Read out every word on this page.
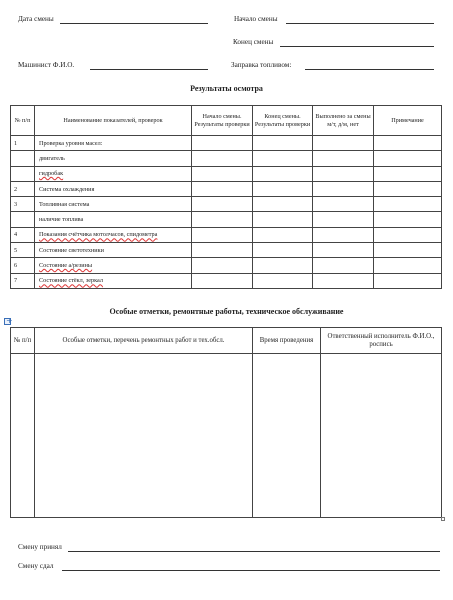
Дата смены	Начало смены
Конец смены
Машинист Ф.И.О.	Заправка топливом:
Результаты осмотра
№ п/п	Наименование показателей, проверок	Начало смены. Результаты проверки	Конец смены. Результаты проверки	Выполнено за смены м/т, д/м, нет	Примечание
1	Проверка уровня масел:				
	двигатель				
	гидробак				
2	Система охлаждения				
3	Топливная система				
	наличие топлива				
4	Показания счётчика мотолчасов, спидометра				
5	Состояние светотехники				
6	Состояние а/резины				
7	Состояние стёкл, зеркал				
Особые отметки, ремонтные работы, техническое обслуживание
+
№ п/п	Особые отметки, перечень ремонтных работ и тех.обсл.	Время проведения	Ответственный исполнитель Ф.И.О., роспись

Смену принял
Смену сдал
